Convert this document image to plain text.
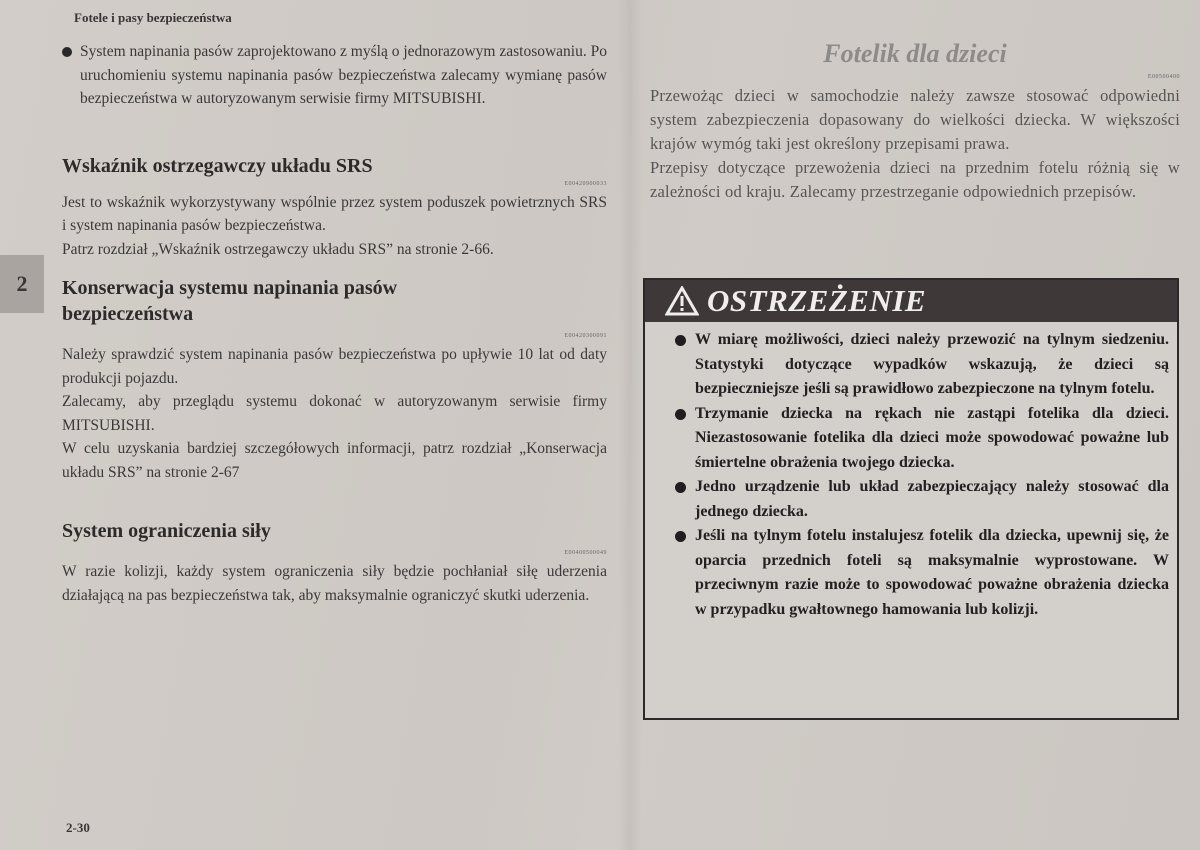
Fotele i pasy bezpieczeństwa
2
2-30
System napinania pasów zaprojektowano z myślą o jednorazowym zastosowaniu. Po uruchomieniu systemu napinania pasów bezpieczeństwa zalecamy wymianę pasów bezpieczeństwa w autoryzowanym serwisie firmy MITSUBISHI.
Wskaźnik ostrzegawczy układu SRS
E00420900033
Jest to wskaźnik wykorzystywany wspólnie przez system poduszek powietrznych SRS i system napinania pasów bezpieczeństwa.
Patrz rozdział „Wskaźnik ostrzegawczy układu SRS” na stronie 2-66.
Konserwacja systemu napinania pasów bezpieczeństwa
E00420300091
Należy sprawdzić system napinania pasów bezpieczeństwa po upływie 10 lat od daty produkcji pojazdu.
Zalecamy, aby przeglądu systemu dokonać w autoryzowanym serwisie firmy MITSUBISHI.
W celu uzyskania bardziej szczegółowych informacji, patrz rozdział „Konserwacja układu SRS” na stronie 2-67
System ograniczenia siły
E00400500049
W razie kolizji, każdy system ograniczenia siły będzie pochłaniał siłę uderzenia działającą na pas bezpieczeństwa tak, aby maksymalnie ograniczyć skutki uderzenia.
Fotelik dla dzieci
E00500400
Przewożąc dzieci w samochodzie należy zawsze stosować odpowiedni system zabezpieczenia dopasowany do wielkości dziecka. W większości krajów wymóg taki jest określony przepisami prawa.
Przepisy dotyczące przewożenia dzieci na przednim fotelu różnią się w zależności od kraju. Zalecamy przestrzeganie odpowiednich przepisów.
OSTRZEŻENIE

W miarę możliwości, dzieci należy przewozić na tylnym siedzeniu. Statystyki dotyczące wypadków wskazują, że dzieci są bezpieczniejsze jeśli są prawidłowo zabezpieczone na tylnym fotelu.

Trzymanie dziecka na rękach nie zastąpi fotelika dla dzieci. Niezastosowanie fotelika dla dzieci może spowodować poważne lub śmiertelne obrażenia twojego dziecka.

Jedno urządzenie lub układ zabezpieczający należy stosować dla jednego dziecka.

Jeśli na tylnym fotelu instalujesz fotelik dla dziecka, upewnij się, że oparcia przednich foteli są maksymalnie wyprostowane. W przeciwnym razie może to spowodować poważne obrażenia dziecka w przypadku gwałtownego hamowania lub kolizji.
